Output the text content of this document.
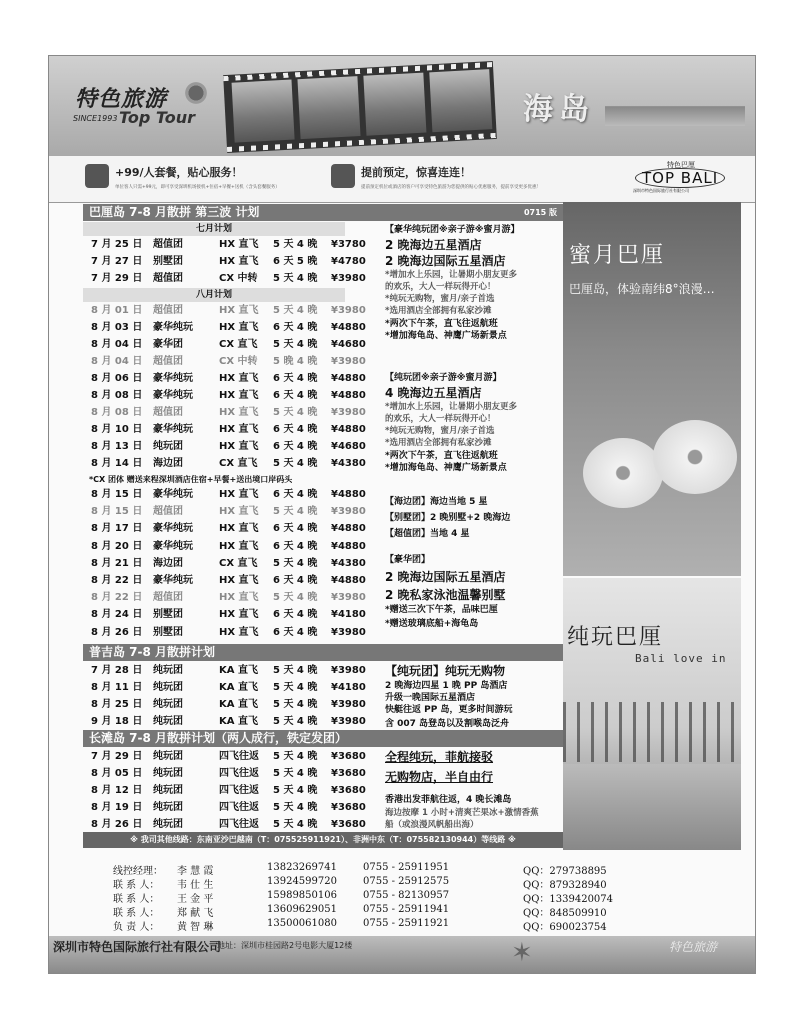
特色旅游
SINCE1993 Top Tour	海岛
+99/人套餐，贴心服务！
单位客人只需+99元，即可享受深圳机场接机+住宿+早餐+送机（含头套餐服务）
提前预定，惊喜连连！
提前预定机位或酒店的客户可享受特色旅游为您提供的贴心优惠服务，提前享受更多优惠！
特色巴厘
TOP BALI
深圳市特色国际旅行社有限公司
巴厘岛 7-8 月散拼 第三波 计划	0715 版
七月计划
7 月 25 日 超值团	HX 直飞 5 天 4 晚 ¥3780
7 月 27 日 别墅团	HX 直飞 6 天 5 晚 ¥4780
7 月 29 日 超值团	CX 中转 5 天 4 晚 ¥3980
八月计划
8 月 01 日 超值团	HX 直飞 5 天 4 晚 ¥3980
8 月 03 日 豪华纯玩	HX 直飞 6 天 4 晚 ¥4880
8 月 04 日 豪华团	CX 直飞 5 天 4 晚 ¥4680
8 月 04 日 超值团	CX 中转 5 晚 4 晚 ¥3980
8 月 06 日 豪华纯玩	HX 直飞 6 天 4 晚 ¥4880
8 月 08 日 豪华纯玩	HX 直飞 6 天 4 晚 ¥4880
8 月 08 日 超值团	HX 直飞 5 天 4 晚 ¥3980
8 月 10 日 豪华纯玩	HX 直飞 6 天 4 晚 ¥4880
8 月 13 日 纯玩团	HX 直飞 6 天 4 晚 ¥4680
8 月 14 日 海边团	CX 直飞 5 天 4 晚 ¥4380
*CX 团体 赠送来程深圳酒店住宿+早餐+送出境口岸码头
8 月 15 日 豪华纯玩	HX 直飞 6 天 4 晚 ¥4880
8 月 15 日 超值团	HX 直飞 5 天 4 晚 ¥3980
8 月 17 日 豪华纯玩	HX 直飞 6 天 4 晚 ¥4880
8 月 20 日 豪华纯玩	HX 直飞 6 天 4 晚 ¥4880
8 月 21 日 海边团	CX 直飞 5 天 4 晚 ¥4380
8 月 22 日 豪华纯玩	HX 直飞 6 天 4 晚 ¥4880
8 月 22 日 超值团	HX 直飞 5 天 4 晚 ¥3980
8 月 24 日 别墅团	HX 直飞 6 天 4 晚 ¥4180
8 月 26 日 别墅团	HX 直飞 6 天 4 晚 ¥3980
【豪华纯玩团※亲子游※蜜月游】
2 晚海边五星酒店
2 晚海边国际五星酒店
*增加水上乐园，让暑期小朋友更多
的欢乐，大人一样玩得开心！
*纯玩无购物，蜜月/亲子首选
*选用酒店全部拥有私家沙滩
*两次下午茶，直飞往返航班
*增加海龟岛、神鹰广场新景点
【纯玩团※亲子游※蜜月游】
4 晚海边五星酒店
*增加水上乐园，让暑期小朋友更多
的欢乐，大人一样玩得开心！
*纯玩无购物，蜜月/亲子首选
*选用酒店全部拥有私家沙滩
*两次下午茶，直飞往返航班
*增加海龟岛、神鹰广场新景点
【海边团】海边当地 5 星
【别墅团】2 晚别墅+2 晚海边
【超值团】当地 4 星
【豪华团】
2 晚海边国际五星酒店
2 晚私家泳池温馨别墅
*赠送三次下午茶，品味巴厘
*赠送玻璃底船+海龟岛
蜜月巴厘
巴厘岛，体验南纬8°浪漫…
纯玩巴厘
Bali love in
普吉岛 7-8 月散拼计划
7 月 28 日 纯玩团	KA 直飞 5 天 4 晚 ¥3980
8 月 11 日 纯玩团	KA 直飞 5 天 4 晚 ¥4180
8 月 25 日 纯玩团	KA 直飞 5 天 4 晚 ¥3980
9 月 18 日 纯玩团	KA 直飞 5 天 4 晚 ¥3980
【纯玩团】纯玩无购物
2 晚海边四星 1 晚 PP 岛酒店
升级一晚国际五星酒店
快艇往返 PP 岛，更多时间游玩
含 007 岛登岛以及割喉岛泛舟
长滩岛 7-8 月散拼计划（两人成行，铁定发团）
7 月 29 日 纯玩团	四飞往返 5 天 4 晚 ¥3680
8 月 05 日 纯玩团	四飞往返 5 天 4 晚 ¥3680
8 月 12 日 纯玩团	四飞往返 5 天 4 晚 ¥3680
8 月 19 日 纯玩团	四飞往返 5 天 4 晚 ¥3680
8 月 26 日 纯玩团	四飞往返 5 天 4 晚 ¥3680
全程纯玩，菲航接驳
无购物店，半自由行
香港出发菲航往返，4 晚长滩岛
海边按摩 1 小时+清爽芒果冰+激情香蕉
船（或浪漫风帆船出海）
※ 我司其他线路：东南亚沙巴越南（T：075525911921）、非洲中东（T：075582130944）等线路 ※
线控经理： 李 慧 霞	13823269741	0755 - 25911951	QQ：279738895
联 系 人： 韦 仕 生	13924599720	0755 - 25912575	QQ：879328940
联 系 人： 王 金 平	15989850106	0755 - 82130957	QQ：1339420074
联 系 人： 郑 献 飞	13609629051	0755 - 25911941	QQ：848509910
负 责 人： 黄 智 琳	13500061080	0755 - 25911921	QQ：690023754
深圳市特色国际旅行社有限公司
地址：深圳市桂园路2号电影大厦12楼	✶	特色旅游
